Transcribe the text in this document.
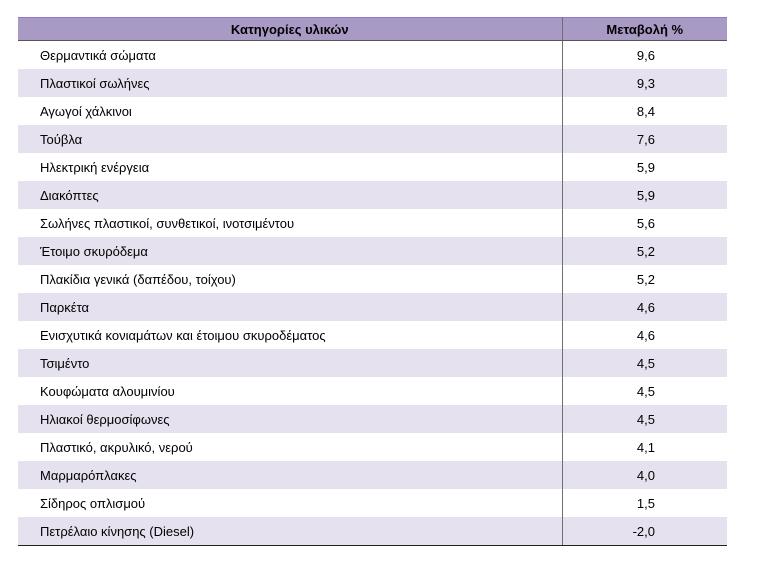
Κατηγορίες υλικών	Μεταβολή %
Θερμαντικά σώματα	9,6
Πλαστικοί σωλήνες	9,3
Αγωγοί χάλκινοι	8,4
Τούβλα	7,6
Ηλεκτρική ενέργεια	5,9
Διακόπτες	5,9
Σωλήνες πλαστικοί, συνθετικοί, ινοτσιμέντου	5,6
Έτοιμο σκυρόδεμα	5,2
Πλακίδια γενικά (δαπέδου, τοίχου)	5,2
Παρκέτα	4,6
Ενισχυτικά κονιαμάτων και έτοιμου σκυροδέματος	4,6
Τσιμέντο	4,5
Κουφώματα αλουμινίου	4,5
Ηλιακοί θερμοσίφωνες	4,5
Πλαστικό, ακρυλικό, νερού	4,1
Μαρμαρόπλακες	4,0
Σίδηρος οπλισμού	1,5
Πετρέλαιο κίνησης (Diesel)	-2,0
